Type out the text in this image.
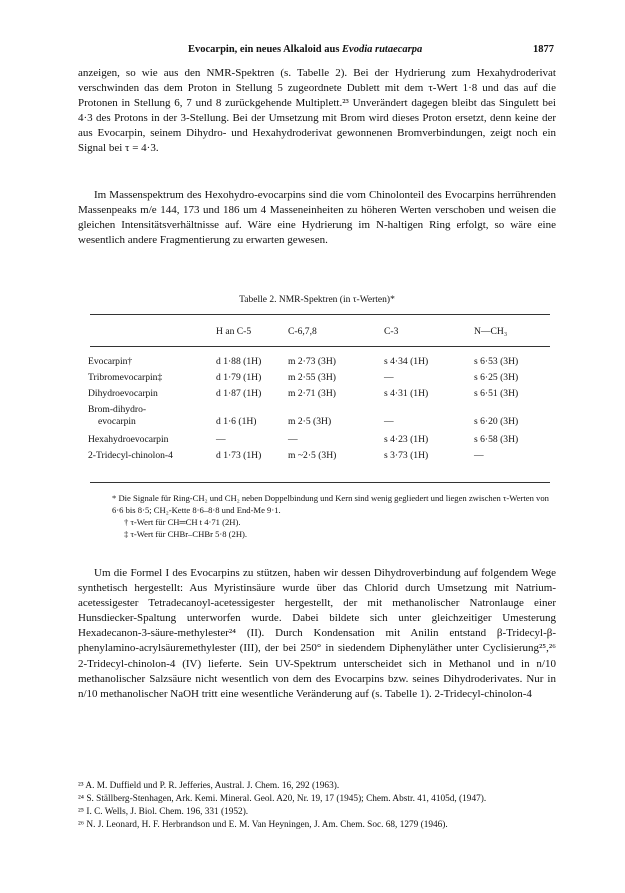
Evocarpin, ein neues Alkaloid aus Evodia rutaecarpa	1877

anzeigen, so wie aus den NMR-Spektren (s. Tabelle 2). Bei der Hydrierung zum Hexahydroderivat verschwinden das dem Proton in Stellung 5 zugeordnete Dublett mit dem τ-Wert 1·8 und das auf die Protonen in Stellung 6, 7 und 8 zurückgehende Multiplett.²³ Unverändert dagegen bleibt das Singulett bei 4·3 des Protons in der 3-Stellung. Bei der Umsetzung mit Brom wird dieses Proton ersetzt, denn keine der aus Evocarpin, seinem Dihydro- und Hexahydroderivat gewonnenen Bromverbindungen, zeigt noch ein Signal bei τ = 4·3.

Im Massenspektrum des Hexohydro-evocarpins sind die vom Chinolonteil des Evocarpins herrührenden Massenpeaks m/e 144, 173 und 186 um 4 Masseneinheiten zu höheren Werten verschoben und weisen die gleichen Intensitätsverhältnisse auf. Wäre eine Hydrierung im N-haltigen Ring erfolgt, so wäre eine wesentlich andere Fragmentierung zu erwarten gewesen.

Tabelle 2. NMR-Spektren (in τ-Werten)*
H an C-5	C-6,7,8	C-3	N—CH₃
Evocarpin†	d 1·88 (1H)	m 2·73 (3H)	s 4·34 (1H)	s 6·53 (3H)
Tribromevocarpin‡	d 1·79 (1H)	m 2·55 (3H)	—	s 6·25 (3H)
Dihydroevocarpin	d 1·87 (1H)	m 2·71 (3H)	s 4·31 (1H)	s 6·51 (3H)
Brom-dihydro-
evocarpin	d 1·6 (1H)	m 2·5 (3H)	—	s 6·20 (3H)
Hexahydroevocarpin	—	—	s 4·23 (1H)	s 6·58 (3H)
2-Tridecyl-chinolon-4	d 1·73 (1H)	m ~2·5 (3H)	s 3·73 (1H)	—

* Die Signale für Ring-CH₂ und CH₂ neben Doppelbindung und Kern sind wenig gegliedert und liegen zwischen τ-Werten von 6·6 bis 8·5; CH₂-Kette 8·6–8·8 und End-Me 9·1.

† τ-Wert für CH═CH t 4·71 (2H).

‡ τ-Wert für CHBr–CHBr 5·8 (2H).

Um die Formel I des Evocarpins zu stützen, haben wir dessen Dihydroverbindung auf folgendem Wege synthetisch hergestellt: Aus Myristinsäure wurde über das Chlorid durch Umsetzung mit Natrium-acetessigester Tetradecanoyl-acetessigester hergestellt, der mit methanolischer Natronlauge einer Hunsdiecker-Spaltung unterworfen wurde. Dabei bildete sich unter gleichzeitiger Umesterung Hexadecanon-3-säure-methylester²⁴ (II). Durch Kondensation mit Anilin entstand β-Tridecyl-β-phenylamino-acrylsäuremethylester (III), der bei 250° in siedendem Diphenyläther unter Cyclisierung²⁵,²⁶ 2-Tridecyl-chinolon-4 (IV) lieferte. Sein UV-Spektrum unterscheidet sich in Methanol und in n/10 methanolischer Salzsäure nicht wesentlich von dem des Evocarpins bzw. seines Dihydroderivates. Nur in n/10 methanolischer NaOH tritt eine wesentliche Veränderung auf (s. Tabelle 1). 2-Tridecyl-chinolon-4

²³ A. M. Duffield und P. R. Jefferies, Austral. J. Chem. 16, 292 (1963).

²⁴ S. Ställberg-Stenhagen, Ark. Kemi. Mineral. Geol. A20, Nr. 19, 17 (1945); Chem. Abstr. 41, 4105d, (1947).

²⁵ I. C. Wells, J. Biol. Chem. 196, 331 (1952).

²⁶ N. J. Leonard, H. F. Herbrandson und E. M. Van Heyningen, J. Am. Chem. Soc. 68, 1279 (1946).
